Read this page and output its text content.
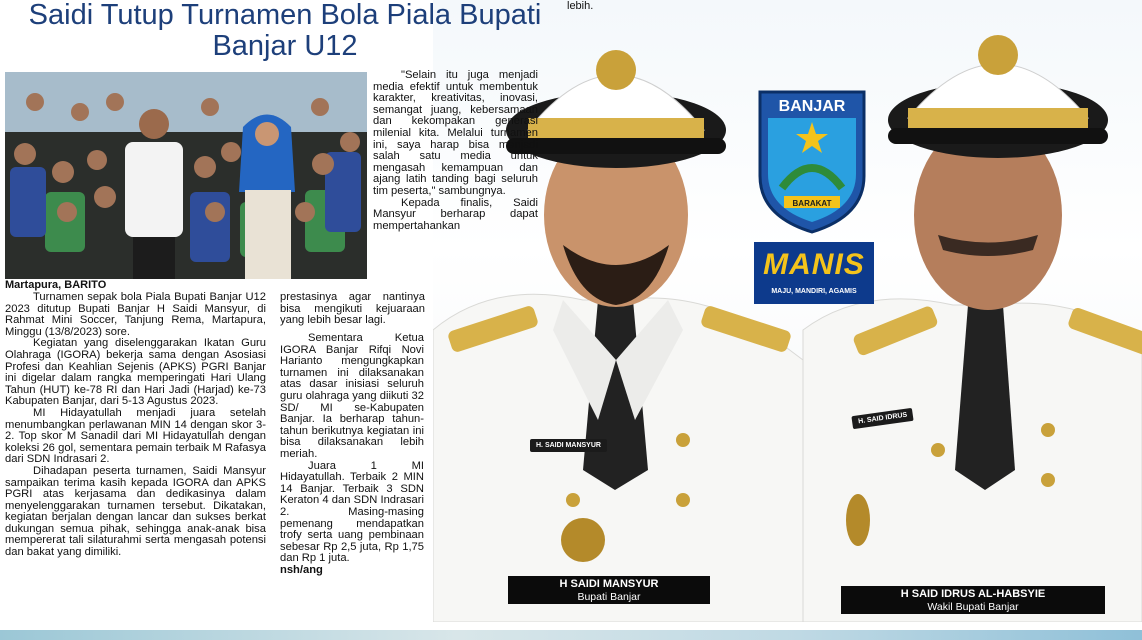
H. SAIDI MANSYUR
H. SAID IDRUS
BARAKAT
BANJAR
MANIS
MAJU, MANDIRI, AGAMIS
Saidi Tutup Turnamen Bola Piala Bupati
Banjar U12
lebih.
Martapura, BARITO

Turnamen sepak bola Piala Bupati Banjar U12 2023 ditutup Bupati Banjar H Saidi Mansyur, di Rahmat Mini Soccer, Tanjung Rema, Martapura, Minggu (13/8/2023) sore.

Kegiatan yang diselenggarakan Ikatan Guru Olahraga (IGORA) bekerja sama dengan Asosiasi Profesi dan Keahlian Sejenis (APKS) PGRI Banjar ini digelar dalam rangka memperingati Hari Ulang Tahun (HUT) ke-78 RI dan Hari Jadi (Harjad) ke-73 Kabupaten Banjar, dari 5-13 Agustus 2023.

MI Hidayatullah menjadi juara setelah menumbangkan perlawanan MIN 14 dengan skor 3-2. Top skor M Sanadil dari MI Hidayatullah dengan koleksi 26 gol, sementara pemain terbaik M Rafasya dari SDN Indrasari 2.

Dihadapan peserta turnamen, Saidi Mansyur sampaikan terima kasih kepada IGORA dan APKS PGRI atas kerjasama dan dedikasinya dalam menyelenggarakan turnamen tersebut. Dikatakan, kegiatan berjalan dengan lancar dan sukses berkat dukungan semua pihak, sehingga anak-anak bisa mempererat tali silaturahmi serta mengasah potensi dan bakat yang dimiliki.

"Selain itu juga menjadi media efektif untuk membentuk karakter, kreativitas, inovasi, semangat juang, kebersamaan dan kekompakan generasi milenial kita. Melalui turnamen ini, saya harap bisa menjadi salah satu media untuk mengasah kemampuan dan ajang latih tanding bagi seluruh tim peserta," sambungnya.

Kepada finalis, Saidi Mansyur berharap dapat mempertahankan

prestasinya agar nantinya bisa mengikuti kejuaraan yang lebih besar lagi.

Sementara Ketua IGORA Banjar Rifqi Novi Harianto mengungkapkan turnamen ini dilaksanakan atas dasar inisiasi seluruh guru olahraga yang diikuti 32 SD/ MI se-Kabupaten Banjar. Ia berharap tahun-tahun berikutnya kegiatan ini bisa dilaksanakan lebih meriah.

Juara 1 MI Hidayatullah. Terbaik 2 MIN 14 Banjar. Terbaik 3 SDN Keraton 4 dan SDN Indrasari 2. Masing-masing pemenang mendapatkan trofy serta uang pembinaan sebesar Rp 2,5 juta, Rp 1,75 dan Rp 1 juta.

nsh/ang

H SAIDI MANSYUR
Bupati Banjar	H SAID IDRUS AL-HABSYIE
Wakil Bupati Banjar
